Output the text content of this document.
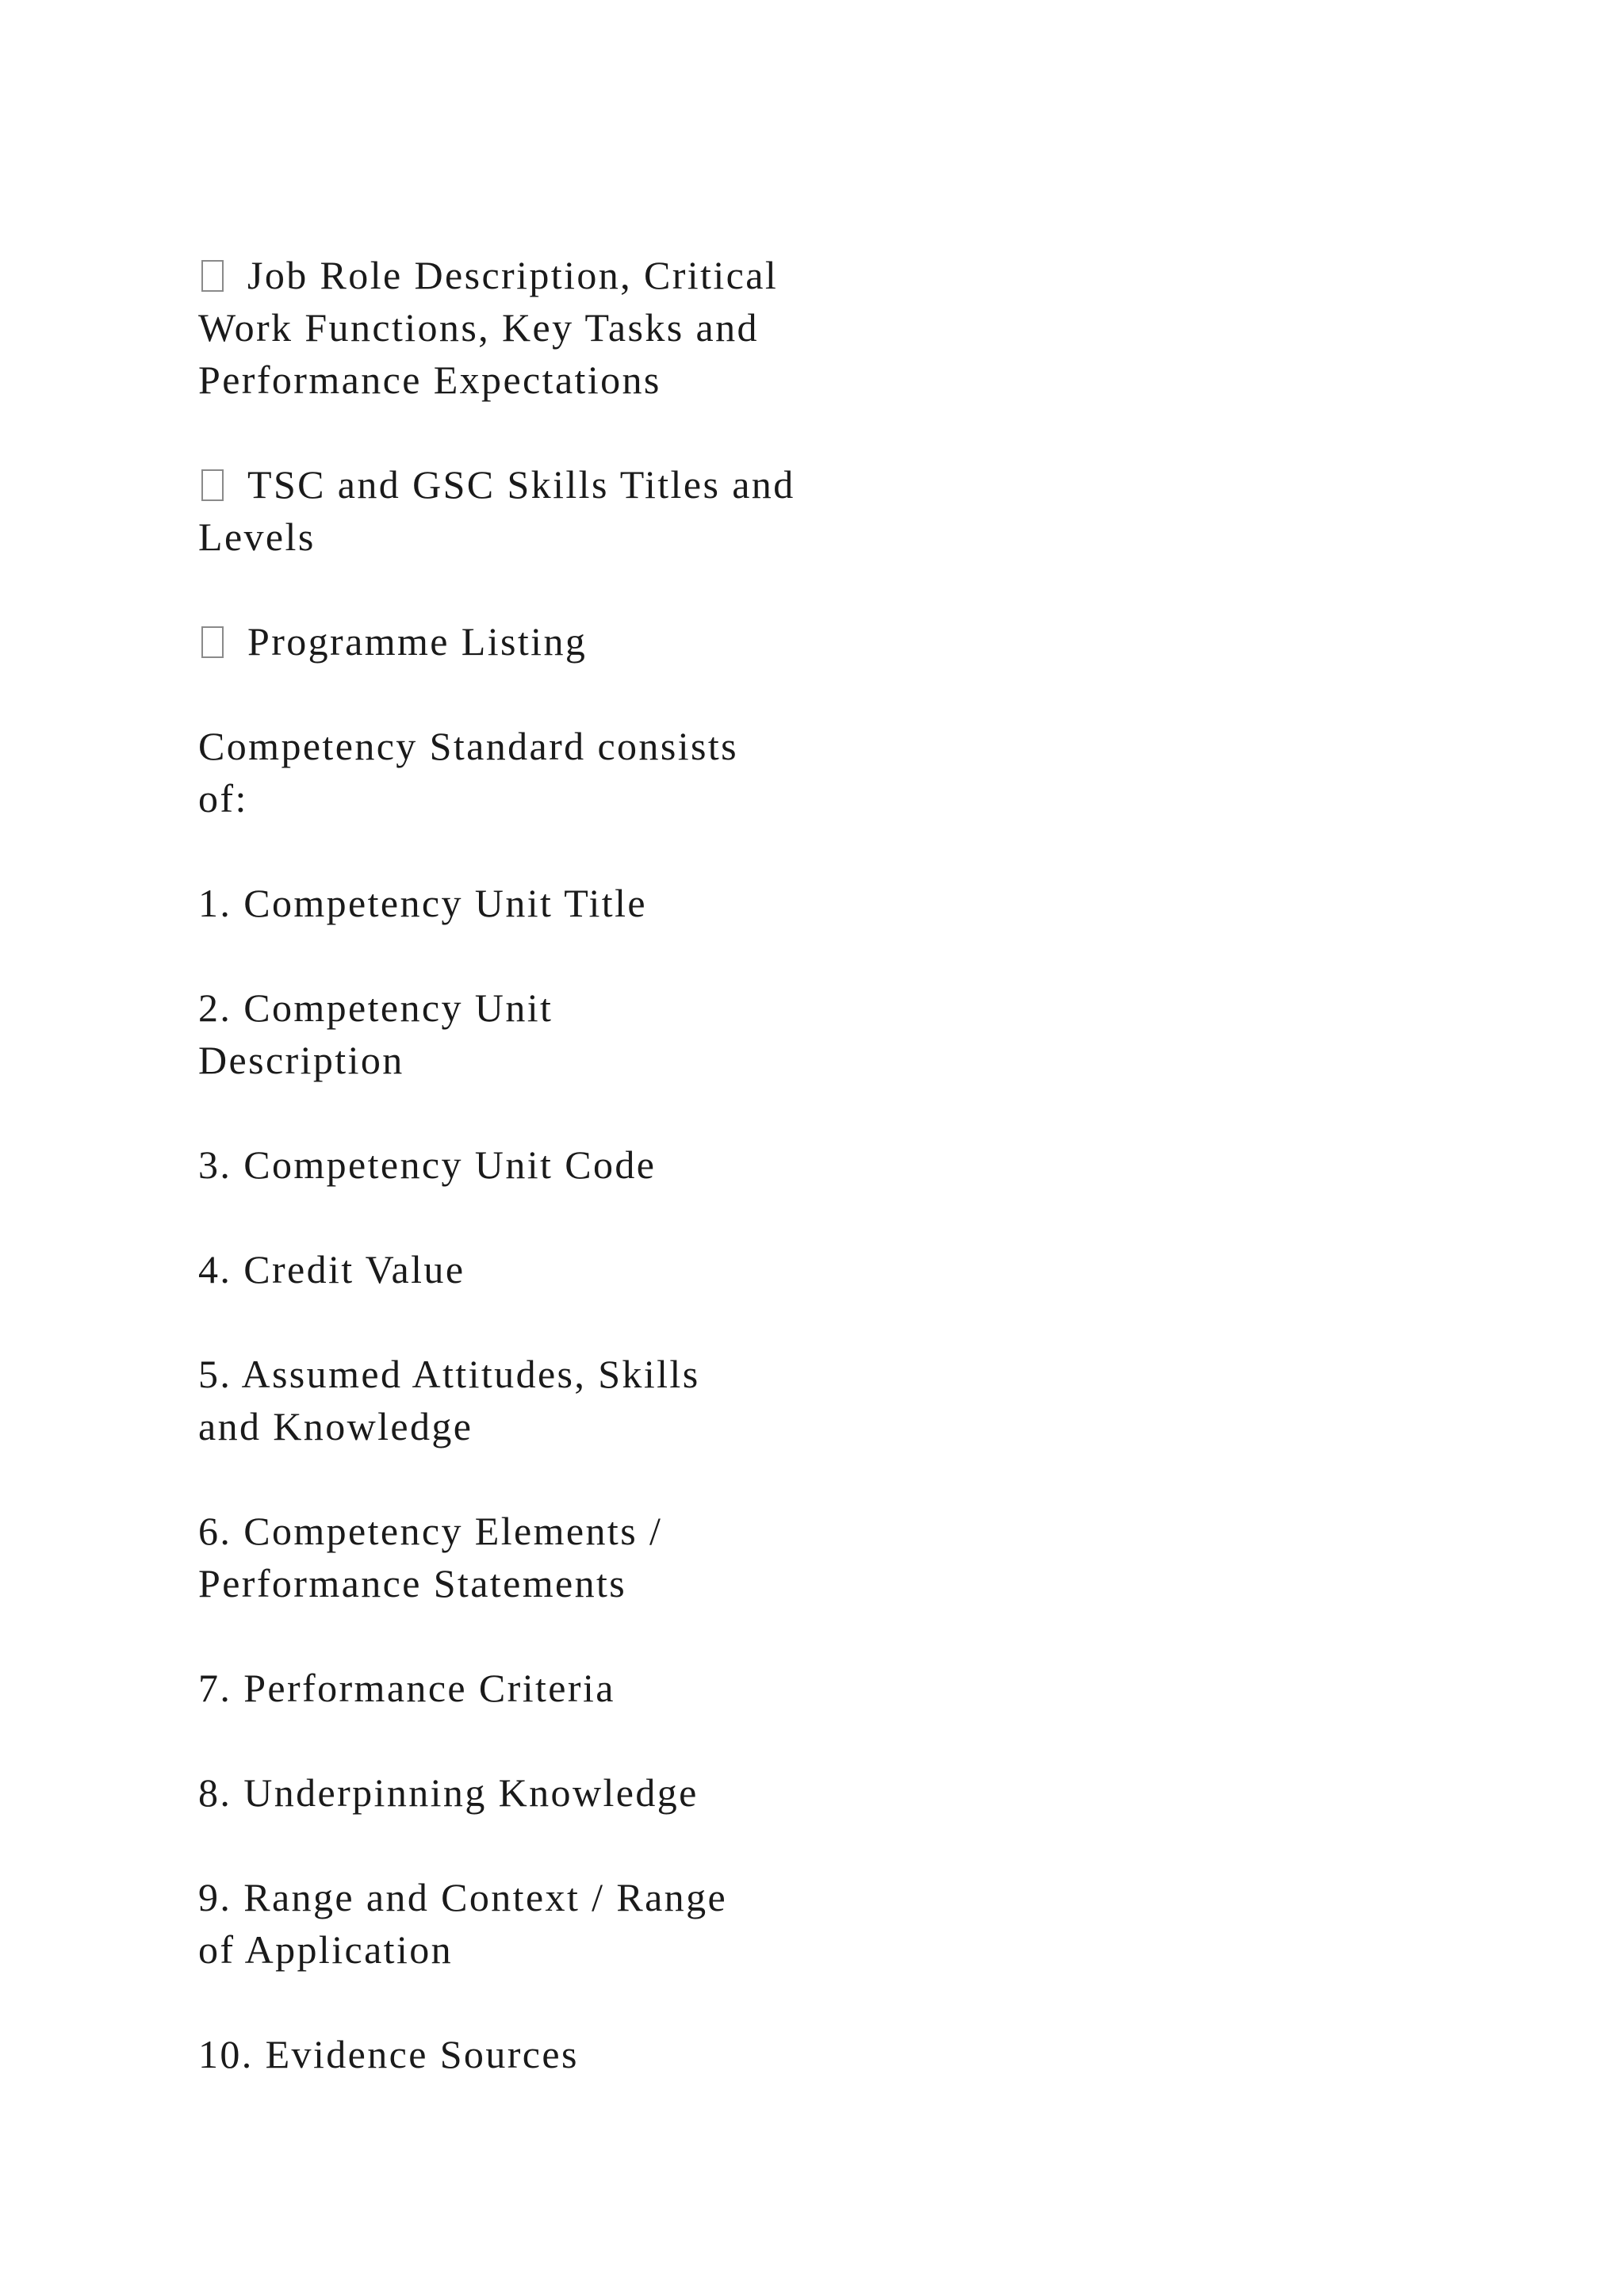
Job Role Description, Critical
Work Functions, Key Tasks and
Performance Expectations

TSC and GSC Skills Titles and
Levels

Programme Listing

Competency Standard consists
of:

1. Competency Unit Title

2. Competency Unit
Description

3. Competency Unit Code

4. Credit Value

5. Assumed Attitudes, Skills
and Knowledge

6. Competency Elements /
Performance Statements

7. Performance Criteria

8. Underpinning Knowledge

9. Range and Context / Range
of Application

10. Evidence Sources
